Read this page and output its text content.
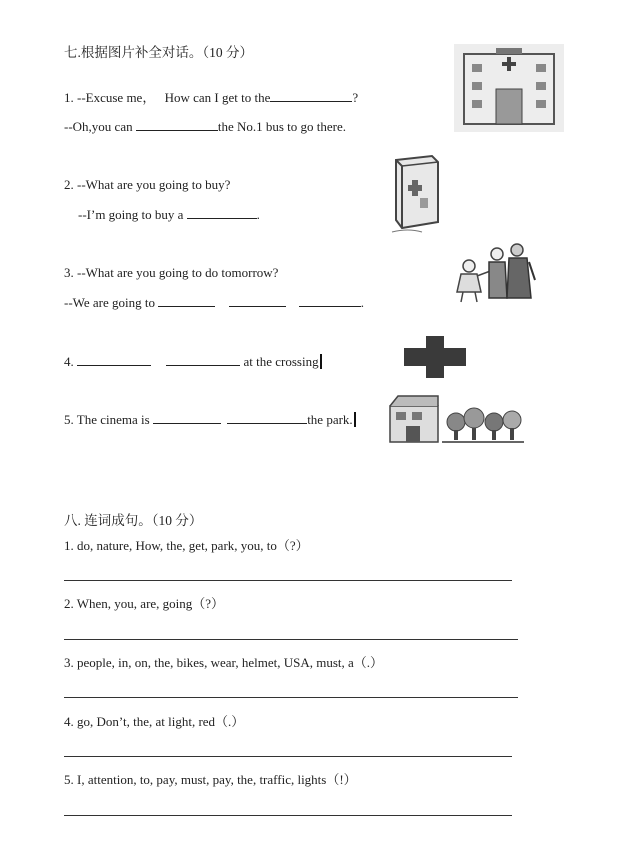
七.根据图片补全对话。（10 分）
1. --Excuse me， How can I get to the	?
--Oh,you can	the No.1 bus to go there.
2. --What are you going to buy?
--I’m going to buy a	.
3. --What are you going to do tomorrow?
--We are going to	.
4.	at the crossing
5. The cinema is	the park.
八. 连词成句。（10 分）
1. do, nature, How, the, get, park, you, to（?）
2. When, you, are, going（?）
3. people, in, on, the, bikes, wear, helmet, USA, must, a（.）
4. go, Don’t, the, at light, red（.）
5. I, attention, to, pay, must, pay, the, traffic, lights（!）
